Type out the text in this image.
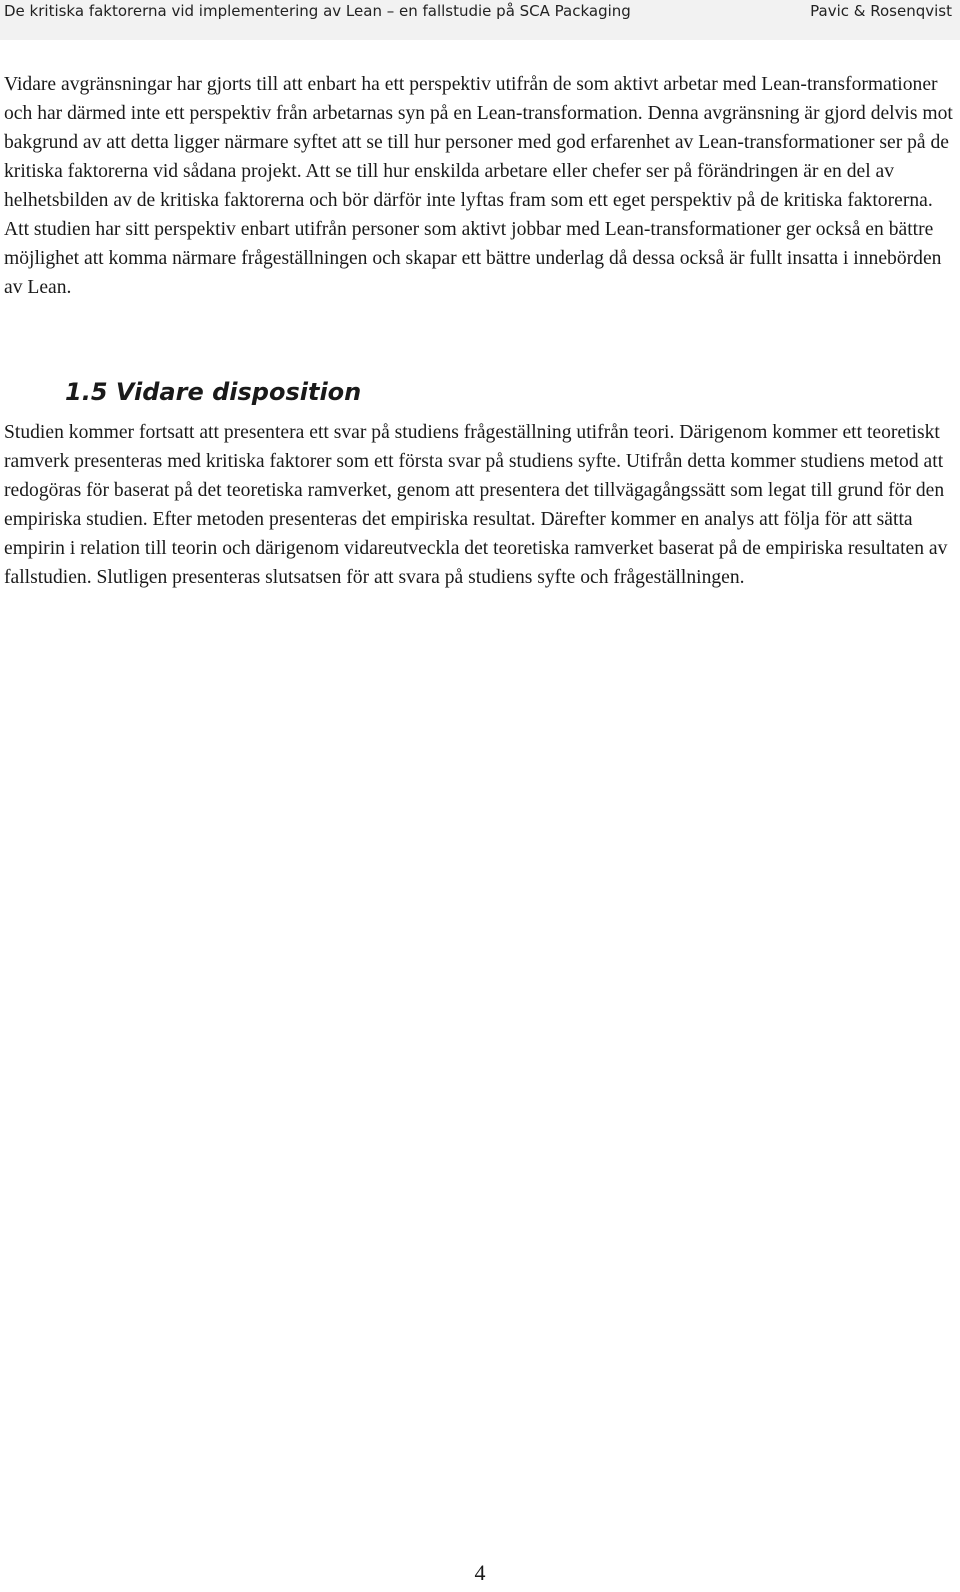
De kritiska faktorerna vid implementering av Lean – en fallstudie på SCA Packaging	Pavic & Rosenqvist

Vidare avgränsningar har gjorts till att enbart ha ett perspektiv utifrån de som aktivt arbetar med Lean-transformationer och har därmed inte ett perspektiv från arbetarnas syn på en Lean-transformation. Denna avgränsning är gjord delvis mot bakgrund av att detta ligger närmare syftet att se till hur personer med god erfarenhet av Lean-transformationer ser på de kritiska faktorerna vid sådana projekt. Att se till hur enskilda arbetare eller chefer ser på förändringen är en del av helhetsbilden av de kritiska faktorerna och bör därför inte lyftas fram som ett eget perspektiv på de kritiska faktorerna. Att studien har sitt perspektiv enbart utifrån personer som aktivt jobbar med Lean-transformationer ger också en bättre möjlighet att komma närmare frågeställningen och skapar ett bättre underlag då dessa också är fullt insatta i innebörden av Lean.

1.5 Vidare disposition

Studien kommer fortsatt att presentera ett svar på studiens frågeställning utifrån teori. Därigenom kommer ett teoretiskt ramverk presenteras med kritiska faktorer som ett första svar på studiens syfte. Utifrån detta kommer studiens metod att redogöras för baserat på det teoretiska ramverket, genom att presentera det tillvägagångssätt som legat till grund för den empiriska studien. Efter metoden presenteras det empiriska resultat. Därefter kommer en analys att följa för att sätta empirin i relation till teorin och därigenom vidareutveckla det teoretiska ramverket baserat på de empiriska resultaten av fallstudien. Slutligen presenteras slutsatsen för att svara på studiens syfte och frågeställningen.

4
